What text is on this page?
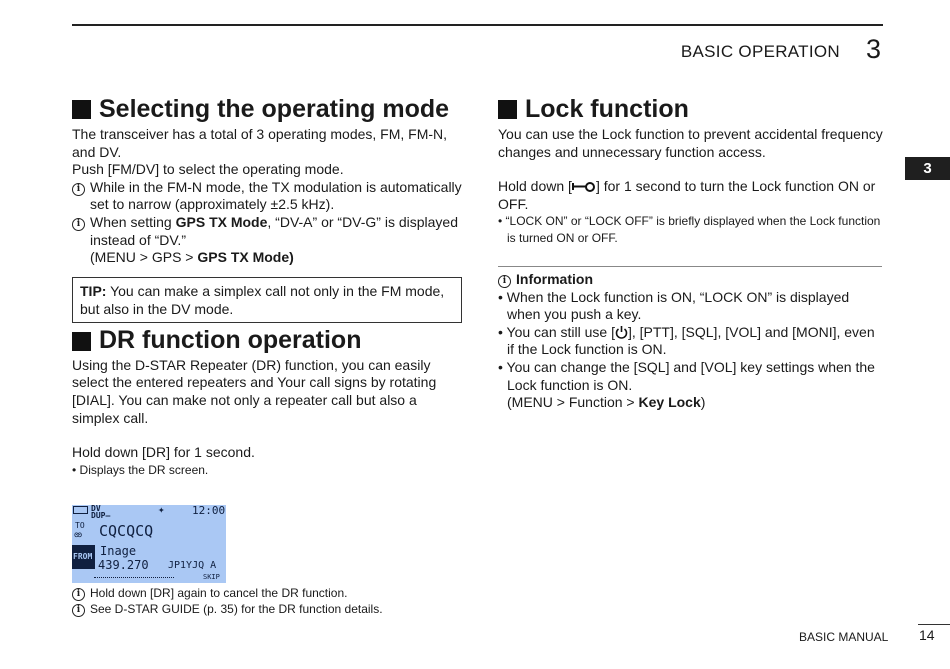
BASIC OPERATION 3
3
Selecting the operating mode

The transceiver has a total of 3 operating modes, FM, FM-N, and DV.

Push [FM/DV] to select the operating mode.

i While in the FM-N mode, the TX modulation is automatically set to narrow (approximately ±2.5 kHz).

i When setting GPS TX Mode, “DV-A” or “DV-G” is displayed instead of “DV.”

(MENU > GPS > GPS TX Mode)

TIP: You can make a simplex call not only in the FM mode, but also in the DV mode.
DR function operation

Using the D-STAR Repeater (DR) function, you can easily select the entered repeaters and Your call signs by rotating [DIAL]. You can make not only a repeater call but also a simplex call.

Hold down [DR] for 1 second.

• Displays the DR screen.

DV
DUP–	✦ 12:00
TO
ꙭ CQCQCQ
FROM Inage
439.270 JP1YJQ A
SKIP

i Hold down [DR] again to cancel the DR function.

i See D-STAR GUIDE (p. 35) for the DR function details.

Lock function

You can use the Lock function to prevent accidental frequency changes and unnecessary function access.

Hold down [ ] for 1 second to turn the Lock function ON or OFF.

• “LOCK ON” or “LOCK OFF” is briefly displayed when the Lock function is turned ON or OFF.

i Information

• When the Lock function is ON, “LOCK ON” is displayed when you push a key.

• You can still use [ ], [PTT], [SQL], [VOL] and [MONI], even if the Lock function is ON.

• You can change the [SQL] and [VOL] key settings when the Lock function is ON.

(MENU > Function > Key Lock)

BASIC MANUAL 14
